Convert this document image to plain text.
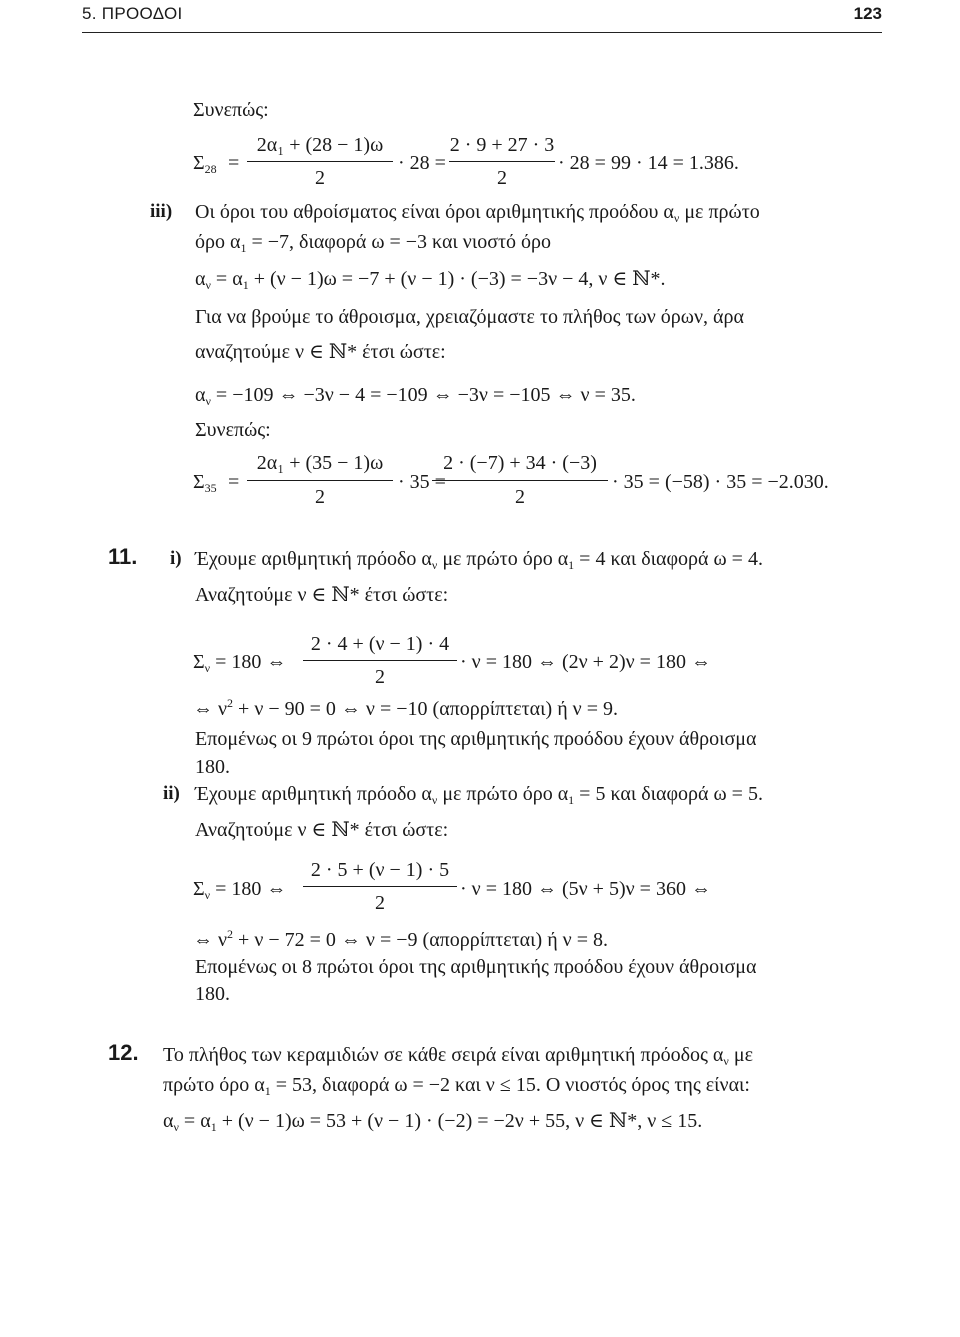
5. ΠΡΟΟΔΟΙ	123
Συνεπώς:
$\Sigma_{28}$ =
2α₁ + (28 − 1)ω
2
· 28 =
2 · 9 + 27 · 3
2
· 28 = 99 · 14 = 1.386.
iii) Οι όροι του αθροίσματος είναι όροι αριθμητικής προόδου $\alpha_\nu$ με πρώτο
όρο $\alpha_1 = -7$, διαφορά ω = −3 και νιοστό όρο
$\alpha_\nu = \alpha_1 + (\nu - 1)\omega = -7 + (\nu - 1) \cdot (-3) = -3\nu - 4$, ν ∈ ℕ*.
Για να βρούμε το άθροισμα, χρειαζόμαστε το πλήθος των όρων, άρα
αναζητούμε ν ∈ ℕ* έτσι ώστε:
$\alpha_\nu = -109$ ⇔ −3ν − 4 = −109 ⇔ −3ν = −105 ⇔ ν = 35.
Συνεπώς:
$\Sigma_{35}$ =
2α₁ + (35 − 1)ω
2
· 35 =
2 · (−7) + 34 · (−3)
2
· 35 = (−58) · 35 = −2.030.
11. i) Έχουμε αριθμητική πρόοδο $\alpha_\nu$ με πρώτο όρο $\alpha_1 = 4$ και διαφορά ω = 4.
Αναζητούμε ν ∈ ℕ* έτσι ώστε:
$\Sigma_\nu = 180$ ⇔
2 · 4 + (ν − 1) · 4
2
· ν = 180 ⇔ (2ν + 2)ν = 180 ⇔
⇔ $\nu^2 + \nu - 90 = 0$ ⇔ ν = −10 (απορρίπτεται) ή ν = 9.
Επομένως οι 9 πρώτοι όροι της αριθμητικής προόδου έχουν άθροισμα
180.
ii) Έχουμε αριθμητική πρόοδο $\alpha_\nu$ με πρώτο όρο $\alpha_1 = 5$ και διαφορά ω = 5.
Αναζητούμε ν ∈ ℕ* έτσι ώστε:
$\Sigma_\nu = 180$ ⇔
2 · 5 + (ν − 1) · 5
2
· ν = 180 ⇔ (5ν + 5)ν = 360 ⇔
⇔ $\nu^2 + \nu - 72 = 0$ ⇔ ν = −9 (απορρίπτεται) ή ν = 8.
Επομένως οι 8 πρώτοι όροι της αριθμητικής προόδου έχουν άθροισμα
180.
12. Το πλήθος των κεραμιδιών σε κάθε σειρά είναι αριθμητική πρόοδος $\alpha_\nu$ με
πρώτο όρο $\alpha_1 = 53$, διαφορά ω = −2 και ν ≤ 15. Ο νιοστός όρος της είναι:
$\alpha_\nu = \alpha_1 + (\nu - 1)\omega = 53 + (\nu - 1) \cdot (-2) = -2\nu + 55$, ν ∈ ℕ*, ν ≤ 15.
